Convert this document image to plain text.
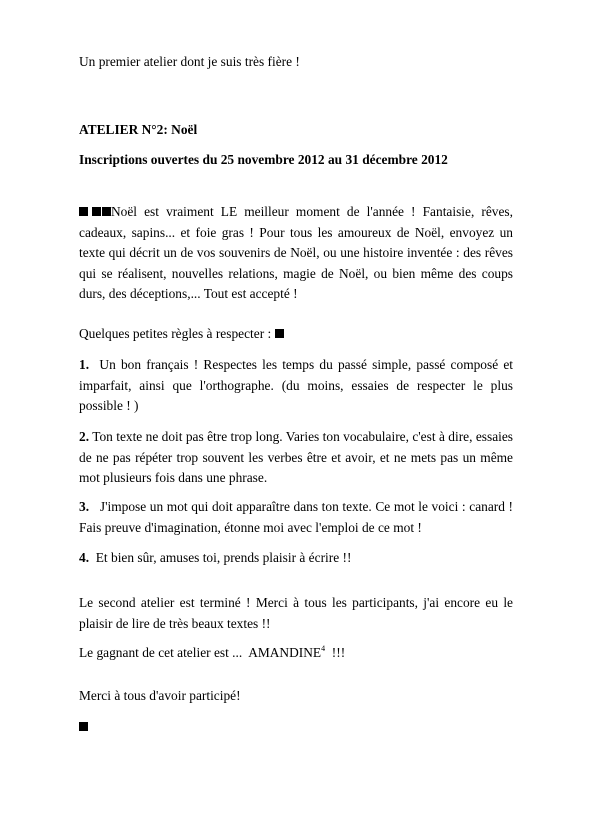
Un premier atelier dont je suis très fière !

ATELIER N°2: Noël

Inscriptions ouvertes du 25 novembre 2012 au 31 décembre 2012

Noël est vraiment LE meilleur moment de l'année ! Fantaisie, rêves, cadeaux, sapins... et foie gras ! Pour tous les amoureux de Noël, envoyez un texte qui décrit un de vos souvenirs de Noël, ou une histoire inventée : des rêves qui se réalisent, nouvelles relations, magie de Noël, ou bien même des coups durs, des déceptions,... Tout est accepté !

Quelques petites règles à respecter :

1. Un bon français ! Respectes les temps du passé simple, passé composé et imparfait, ainsi que l'orthographe. (du moins, essaies de respecter le plus possible ! )

2. Ton texte ne doit pas être trop long. Varies ton vocabulaire, c'est à dire, essaies de ne pas répéter trop souvent les verbes être et avoir, et ne mets pas un même mot plusieurs fois dans une phrase.

3. J'impose un mot qui doit apparaître dans ton texte. Ce mot le voici : canard ! Fais preuve d'imagination, étonne moi avec l'emploi de ce mot !

4. Et bien sûr, amuses toi, prends plaisir à écrire !!

Le second atelier est terminé ! Merci à tous les participants, j'ai encore eu le plaisir de lire de très beaux textes !!

Le gagnant de cet atelier est ... AMANDINE$^4$ !!!

Merci à tous d'avoir participé!
